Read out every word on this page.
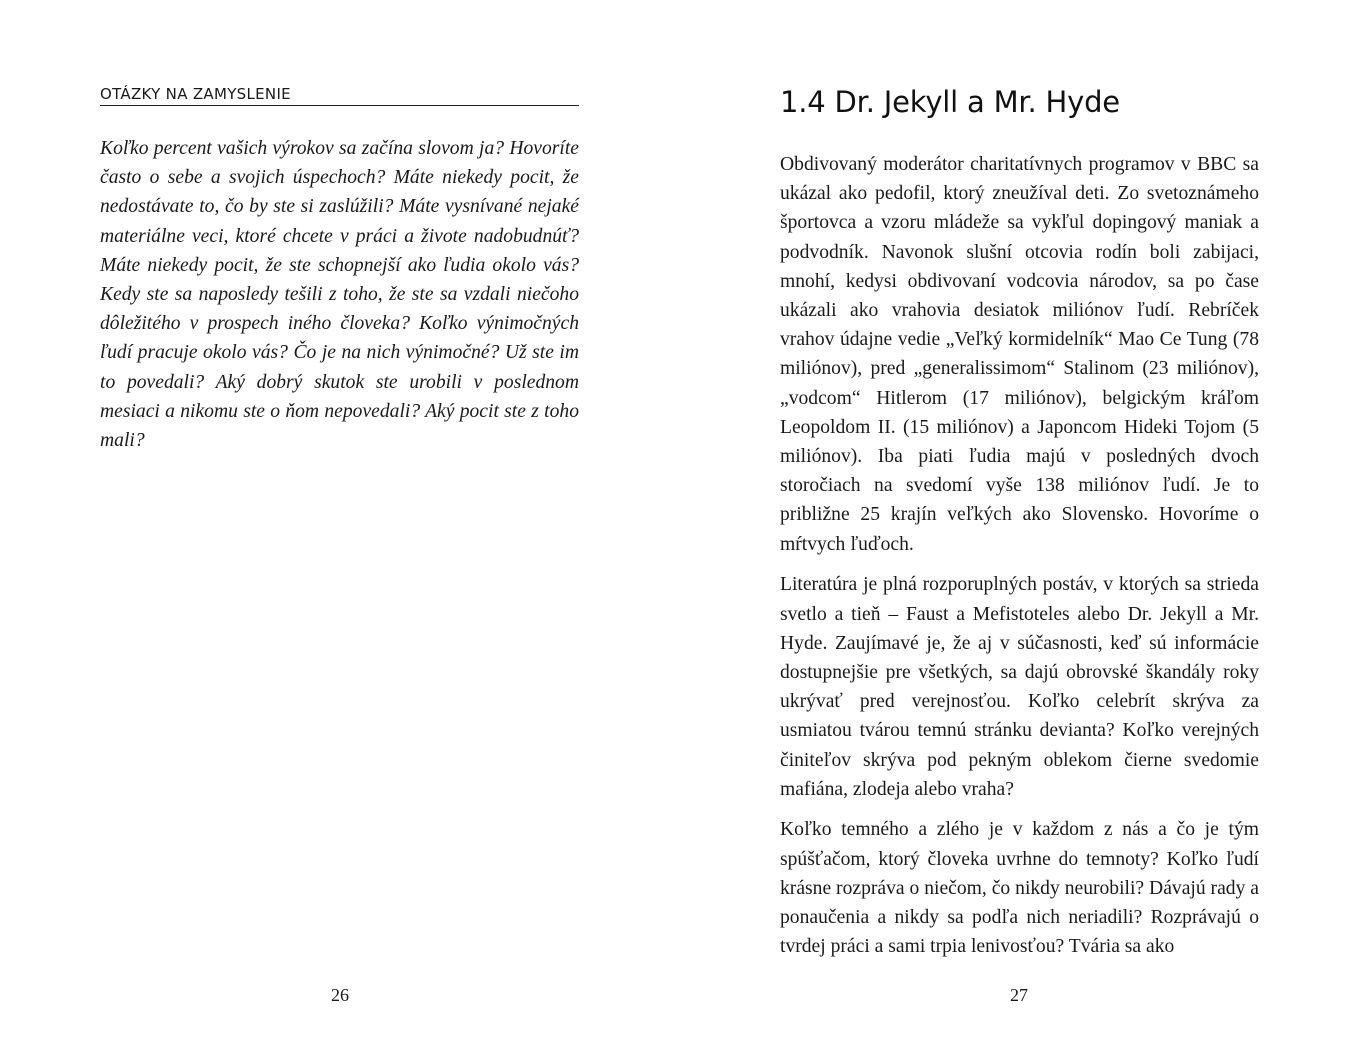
OTÁZKY NA ZAMYSLENIE

Koľko percent vašich výrokov sa začína slovom ja? Hovoríte často o sebe a svojich úspechoch? Máte niekedy pocit, že nedostávate to, čo by ste si zaslúžili? Máte vysnívané nejaké materiálne veci, ktoré chcete v práci a živote nadobudnúť? Máte niekedy pocit, že ste schopnejší ako ľudia okolo vás? Kedy ste sa naposledy tešili z toho, že ste sa vzdali niečoho dôležitého v prospech iného človeka? Koľko výnimočných ľudí pracuje okolo vás? Čo je na nich výnimočné? Už ste im to povedali? Aký dobrý skutok ste urobili v poslednom mesiaci a nikomu ste o ňom nepovedali? Aký pocit ste z toho mali?

26
1.4 Dr. Jekyll a Mr. Hyde

Obdivovaný moderátor charitatívnych programov v BBC sa ukázal ako pedofil, ktorý zneužíval deti. Zo svetoznámeho športovca a vzoru mládeže sa vykľul dopingový maniak a podvodník. Navonok slušní otcovia rodín boli zabijaci, mnohí, kedysi obdivovaní vodcovia národov, sa po čase ukázali ako vrahovia desiatok miliónov ľudí. Rebríček vrahov údajne vedie „Veľký kormidelník“ Mao Ce Tung (78 miliónov), pred „generalissimom“ Stalinom (23 miliónov), „vodcom“ Hitlerom (17 miliónov), belgickým kráľom Leopoldom II. (15 miliónov) a Japoncom Hideki Tojom (5 miliónov). Iba piati ľudia majú v posledných dvoch storočiach na svedomí vyše 138 miliónov ľudí. Je to približne 25 krajín veľkých ako Slovensko. Hovoríme o mŕtvych ľuďoch.

Literatúra je plná rozporuplných postáv, v ktorých sa strieda svetlo a tieň – Faust a Mefistoteles alebo Dr. Jekyll a Mr. Hyde. Zaujímavé je, že aj v súčasnosti, keď sú informácie dostupnejšie pre všetkých, sa dajú obrovské škandály roky ukrývať pred verejnosťou. Koľko celebrít skrýva za usmiatou tvárou temnú stránku devianta? Koľko verejných činiteľov skrýva pod pekným oblekom čierne svedomie mafiána, zlodeja alebo vraha?

Koľko temného a zlého je v každom z nás a čo je tým spúšťačom, ktorý človeka uvrhne do temnoty? Koľko ľudí krásne rozpráva o niečom, čo nikdy neurobili? Dávajú rady a ponaučenia a nikdy sa podľa nich neriadili? Rozprávajú o tvrdej práci a sami trpia lenivosťou? Tvária sa ako

27
